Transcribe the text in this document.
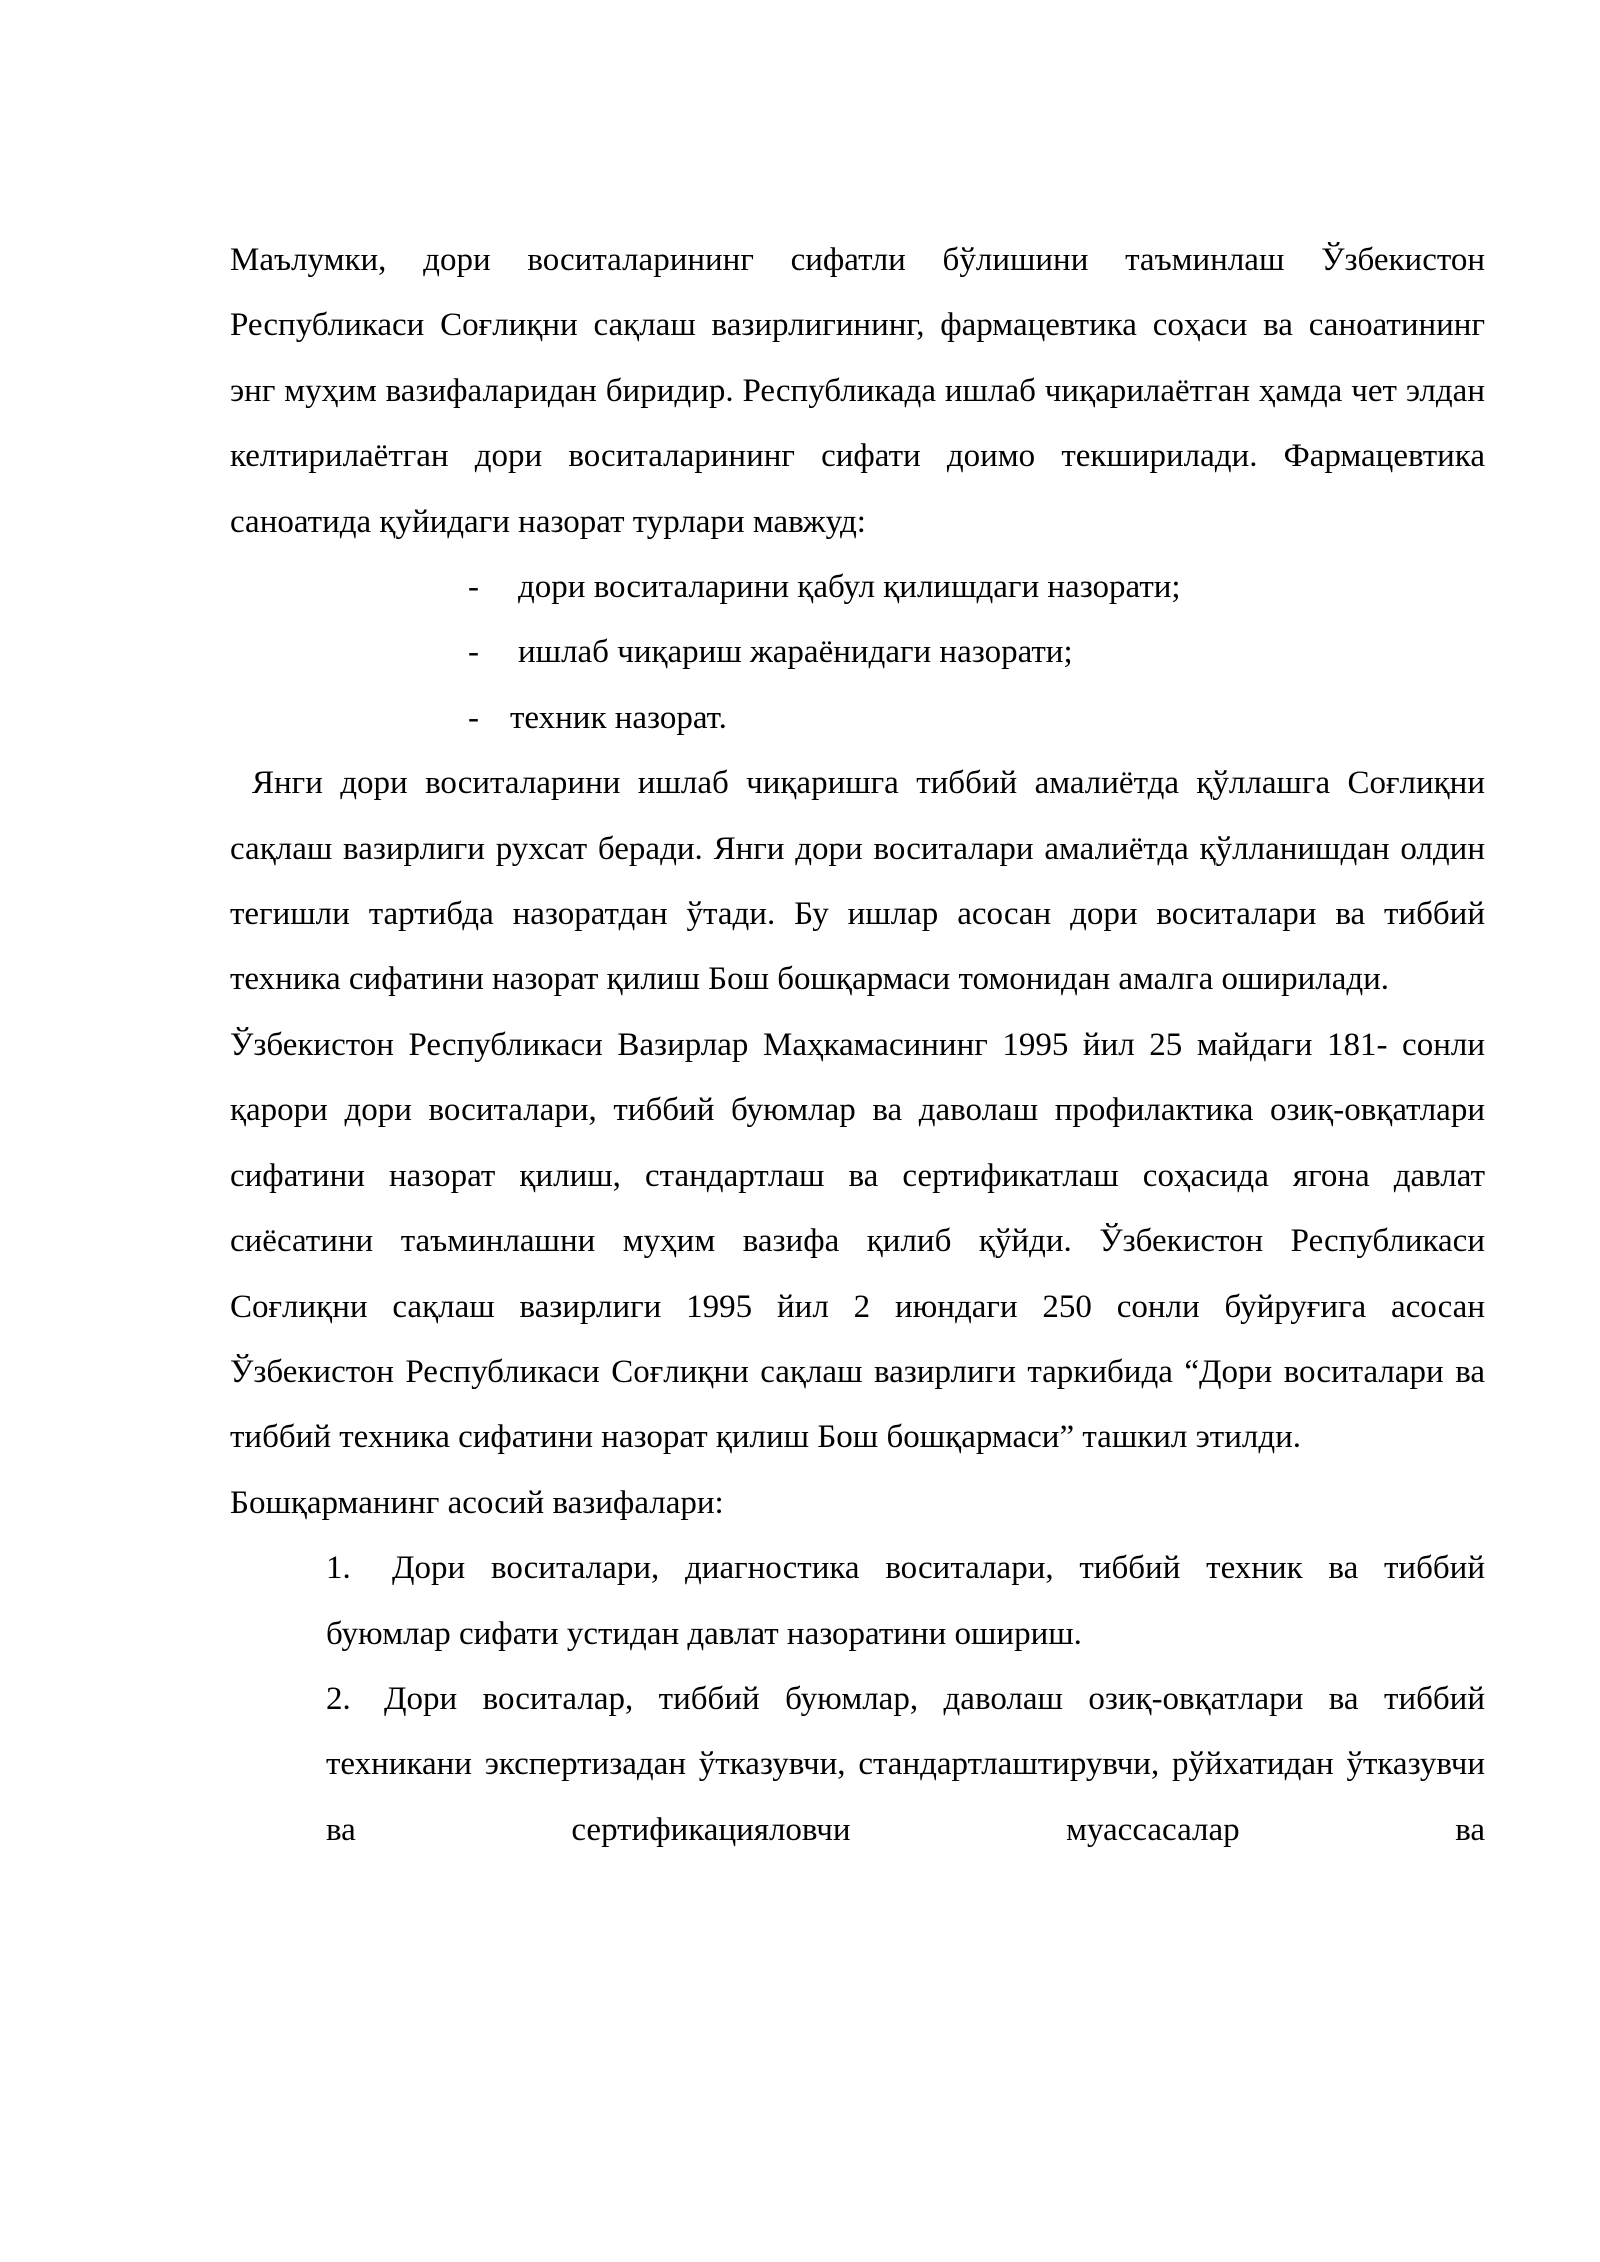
Маълумки, дори воситаларининг сифатли бўлишини таъминлаш Ўзбекистон Республикаси Соғлиқни сақлаш вазирлигининг, фармацевтика соҳаси ва саноатининг энг муҳим вазифаларидан биридир. Республикада ишлаб чиқарилаётган ҳамда чет элдан келтирилаётган дори воситаларининг сифати доимо текширилади. Фармацевтика саноатида қуйидаги назорат турлари мавжуд:

- дори воситаларини қабул қилишдаги назорати;
- ишлаб чиқариш жараёнидаги назорати;
- техник назорат.

Янги дори воситаларини ишлаб чиқаришга тиббий амалиётда қўллашга Соғлиқни сақлаш вазирлиги рухсат беради. Янги дори воситалари амалиётда қўлланишдан олдин тегишли тартибда назоратдан ўтади. Бу ишлар асосан дори воситалари ва тиббий техника сифатини назорат қилиш Бош бошқармаси томонидан амалга оширилади.

Ўзбекистон Республикаси Вазирлар Маҳкамасининг 1995 йил 25 майдаги 181- сонли қарори дори воситалари, тиббий буюмлар ва даволаш профилактика озиқ-овқатлари сифатини назорат қилиш, стандартлаш ва сертификатлаш соҳасида ягона давлат сиёсатини таъминлашни муҳим вазифа қилиб қўйди. Ўзбекистон Республикаси Соғлиқни сақлаш вазирлиги 1995 йил 2 июндаги 250 сонли буйруғига асосан Ўзбекистон Республикаси Соғлиқни сақлаш вазирлиги таркибида “Дори воситалари ва тиббий техника сифатини назорат қилиш Бош бошқармаси” ташкил этилди.

Бошқарманинг асосий вазифалари:

1. Дори воситалари, диагностика воситалари, тиббий техник ва тиббий буюмлар сифати устидан давлат назоратини ошириш.
2. Дори воситалар, тиббий буюмлар, даволаш озиқ-овқатлари ва тиббий техникани экспертизадан ўтказувчи, стандартлаштирувчи, рўйхатидан ўтказувчи ва сертификацияловчи муассасалар ва
